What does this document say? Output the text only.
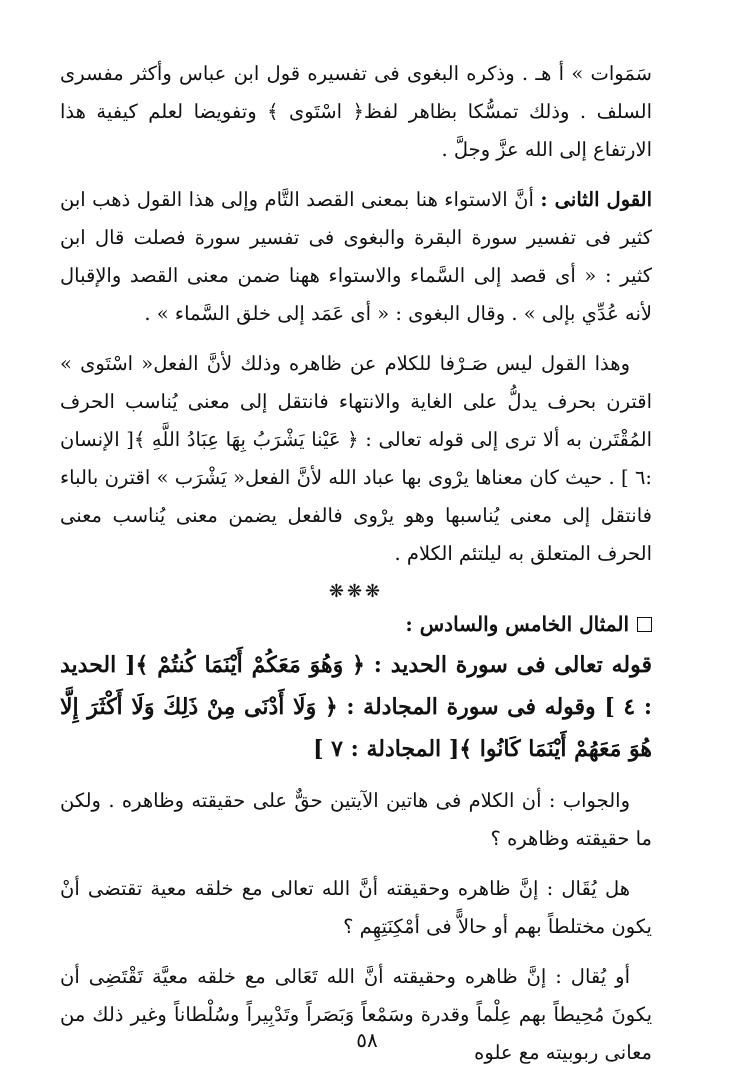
سَمَوات » أ هـ . وذكره البغوى فى تفسيره قول ابن عباس وأكثر مفسرى السلف . وذلك تمسُّكا بظاهر لفظ﴿ اسْتَوى ﴾ وتفويضا لعلم كيفية هذا الارتفاع إلى الله عزَّ وجلَّ .

القول الثانى : أنَّ الاستواء هنا بمعنى القصد التَّام وإلى هذا القول ذهب ابن كثير فى تفسير سورة البقرة والبغوى فى تفسير سورة فصلت قال ابن كثير : « أى قصد إلى السَّماء والاستواء ههنا ضمن معنى القصد والإقبال لأنه عُدِّي بإلى » . وقال البغوى : « أى عَمَد إلى خلق السَّماء » .

وهذا القول ليس صَـرْفا للكلام عن ظاهره وذلك لأنَّ الفعل« اسْتَوى » اقترن بحرف يدلُّ على الغاية والانتهاء فانتقل إلى معنى يُناسب الحرف المُقْتَرن به ألا ترى إلى قوله تعالى : ﴿ عَيْنا يَشْرَبُ بِهَا عِبَادُ اللَّهِ ﴾[ الإنسان :٦ ] . حيث كان معناها يرْوى بها عباد الله لأنَّ الفعل« يَشْرَب » اقترن بالباء فانتقل إلى معنى يُناسبها وهو يرْوى فالفعل يضمن معنى يُناسب معنى الحرف المتعلق به ليلتئم الكلام .

❋❋❋
المثال الخامس والسادس :

قوله تعالى فى سورة الحديد : ﴿ وَهُوَ مَعَكُمْ أَيْنَمَا كُنتُمْ ﴾[ الحديد : ٤ ] وقوله فى سورة المجادلة : ﴿ وَلَا أَدْنَى مِنْ ذَلِكَ وَلَا أَكْثَرَ إِلَّا هُوَ مَعَهُمْ أَيْنَمَا كَانُوا ﴾[ المجادلة : ٧ ]

والجواب : أن الكلام فى هاتين الآيتين حقٌّ على حقيقته وظاهره . ولكن ما حقيقته وظاهره ؟

هل يُقَال : إنَّ ظاهره وحقيقته أنَّ الله تعالى مع خلقه معية تقتضى أنْ يكون مختلطاً بهم أو حالاًّ فى أمْكِنَتِهِم ؟

أو يُقال : إنَّ ظاهره وحقيقته أنَّ الله تَعَالى مع خلقه معيَّة تَقْتَضِى أن يكونَ مُحِيطاً بهم عِلْماً وقدرة وسَمْعاً وَبَصَراً وتَدْبِيراً وسُلْطاناً وغير ذلك من معانى ربوبيته مع علوه

٥٨
